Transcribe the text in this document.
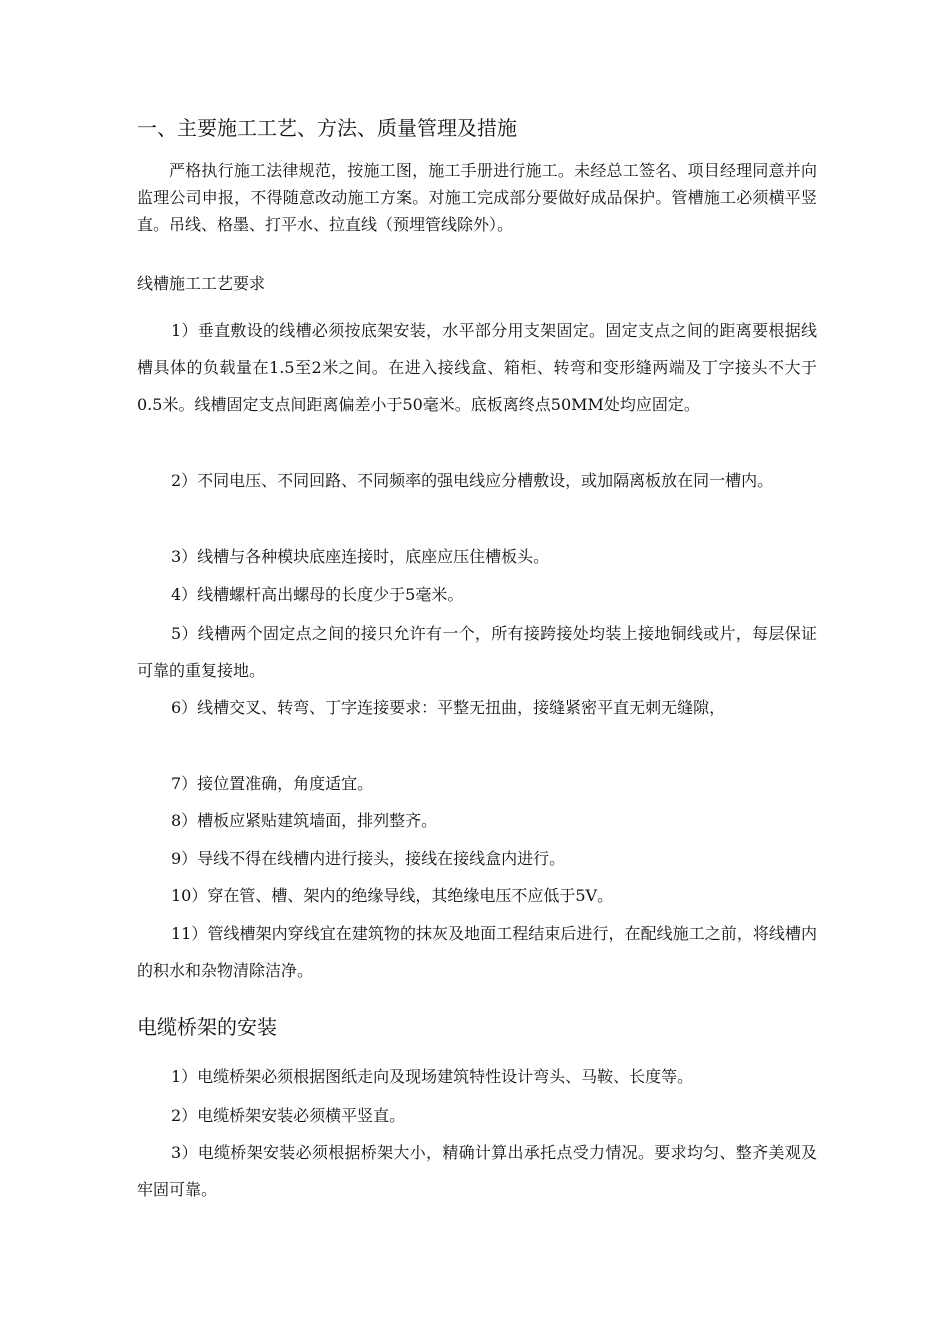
一、主要施工工艺、方法、质量管理及措施
严格执行施工法律规范，按施工图，施工手册进行施工。未经总工签名、项目经理同意并向监理公司申报，不得随意改动施工方案。对施工完成部分要做好成品保护。管槽施工必须横平竖直。吊线、格墨、打平水、拉直线（预埋管线除外）。
线槽施工工艺要求
1）垂直敷设的线槽必须按底架安装，水平部分用支架固定。固定支点之间的距离要根据线槽具体的负载量在1.5至2米之间。在进入接线盒、箱柜、转弯和变形缝两端及丁字接头不大于0.5米。线槽固定支点间距离偏差小于50毫米。底板离终点50MM处均应固定。
2）不同电压、不同回路、不同频率的强电线应分槽敷设，或加隔离板放在同一槽内。
3）线槽与各种模块底座连接时，底座应压住槽板头。
4）线槽螺杆高出螺母的长度少于5毫米。
5）线槽两个固定点之间的接只允许有一个，所有接跨接处均装上接地铜线或片，每层保证可靠的重复接地。
6）线槽交叉、转弯、丁字连接要求：平整无扭曲，接缝紧密平直无刺无缝隙，
7）接位置准确，角度适宜。
8）槽板应紧贴建筑墙面，排列整齐。
9）导线不得在线槽内进行接头，接线在接线盒内进行。
10）穿在管、槽、架内的绝缘导线，其绝缘电压不应低于5V。
11）管线槽架内穿线宜在建筑物的抹灰及地面工程结束后进行，在配线施工之前，将线槽内的积水和杂物清除洁净。
电缆桥架的安装
1）电缆桥架必须根据图纸走向及现场建筑特性设计弯头、马鞍、长度等。
2）电缆桥架安装必须横平竖直。
3）电缆桥架安装必须根据桥架大小，精确计算出承托点受力情况。要求均匀、整齐美观及牢固可靠。
